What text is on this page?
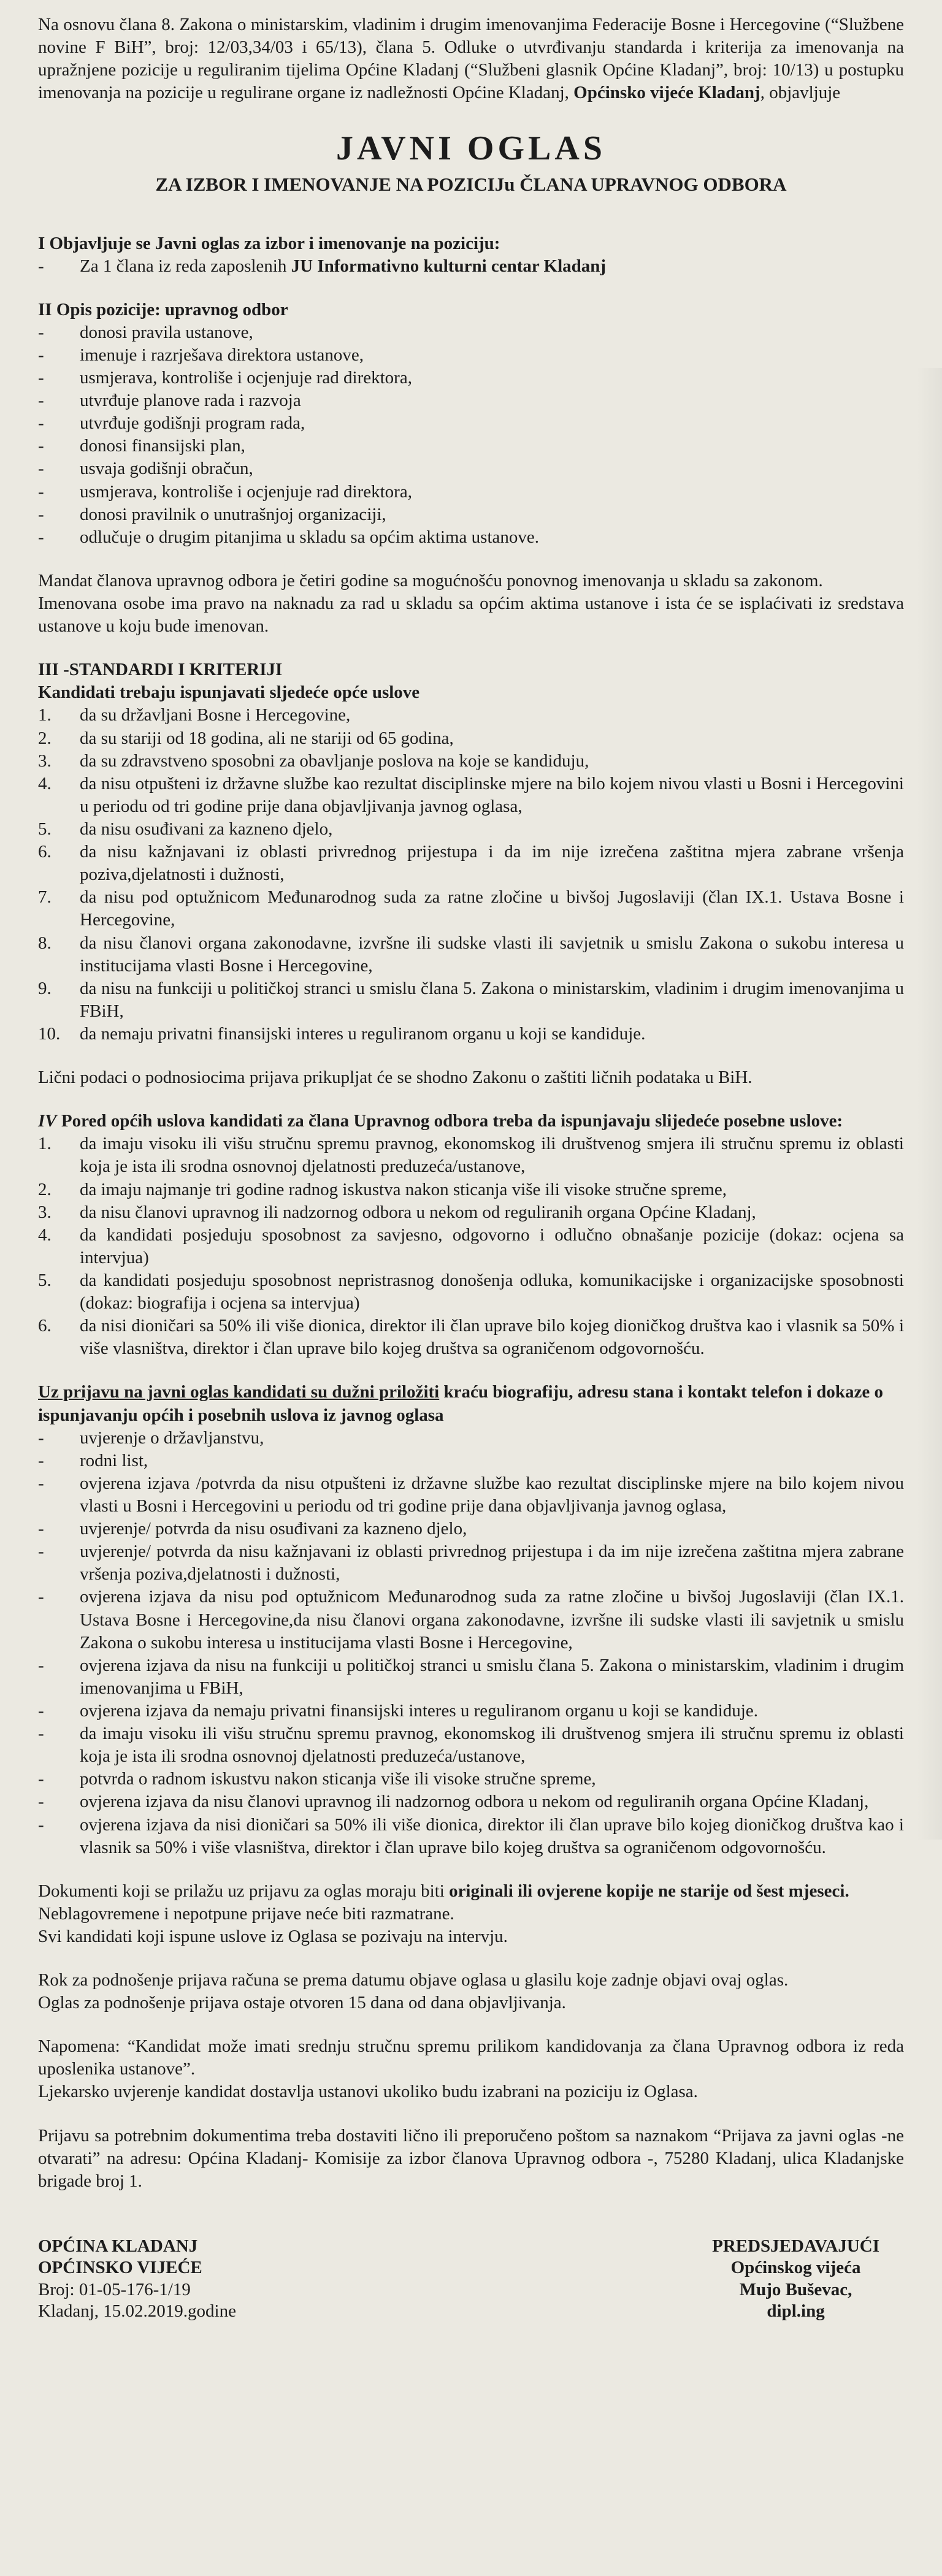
Na osnovu člana 8. Zakona o ministarskim, vladinim i drugim imenovanjima Federacije Bosne i Hercegovine (“Službene novine F BiH”, broj: 12/03,34/03 i 65/13), člana 5. Odluke o utvrđivanju standarda i kriterija za imenovanja na upražnjene pozicije u reguliranim tijelima Općine Kladanj (“Službeni glasnik Općine Kladanj”, broj: 10/13) u postupku imenovanja na pozicije u regulirane organe iz nadležnosti Općine Kladanj, Općinsko vijeće Kladanj, objavljuje

JAVNI OGLAS
ZA IZBOR I IMENOVANJE NA POZICIJu ČLANA UPRAVNOG ODBORA

I Objavljuje se Javni oglas za izbor i imenovanje na poziciju:

- Za 1 člana iz reda zaposlenih JU Informativno kulturni centar Kladanj

II Opis pozicije: upravnog odbor

- donosi pravila ustanove,
- imenuje i razrješava direktora ustanove,
- usmjerava, kontroliše i ocjenjuje rad direktora,
- utvrđuje planove rada i razvoja
- utvrđuje godišnji program rada,
- donosi finansijski plan,
- usvaja godišnji obračun,
- usmjerava, kontroliše i ocjenjuje rad direktora,
- donosi pravilnik o unutrašnjoj organizaciji,
- odlučuje o drugim pitanjima u skladu sa općim aktima ustanove.

Mandat članova upravnog odbora je četiri godine sa mogućnošću ponovnog imenovanja u skladu sa zakonom.

Imenovana osobe ima pravo na naknadu za rad u skladu sa općim aktima ustanove i ista će se isplaćivati iz sredstava ustanove u koju bude imenovan.

III -STANDARDI I KRITERIJI

Kandidati trebaju ispunjavati sljedeće opće uslove

1. da su državljani Bosne i Hercegovine,
2. da su stariji od 18 godina, ali ne stariji od 65 godina,
3. da su zdravstveno sposobni za obavljanje poslova na koje se kandiduju,
4. da nisu otpušteni iz državne službe kao rezultat disciplinske mjere na bilo kojem nivou vlasti u Bosni i Hercegovini u periodu od tri godine prije dana objavljivanja javnog oglasa,
5. da nisu osuđivani za kazneno djelo,
6. da nisu kažnjavani iz oblasti privrednog prijestupa i da im nije izrečena zaštitna mjera zabrane vršenja poziva,djelatnosti i dužnosti,
7. da nisu pod optužnicom Međunarodnog suda za ratne zločine u bivšoj Jugoslaviji (član IX.1. Ustava Bosne i Hercegovine,
8. da nisu članovi organa zakonodavne, izvršne ili sudske vlasti ili savjetnik u smislu Zakona o sukobu interesa u institucijama vlasti Bosne i Hercegovine,
9. da nisu na funkciji u političkoj stranci u smislu člana 5. Zakona o ministarskim, vladinim i drugim imenovanjima u FBiH,
10. da nemaju privatni finansijski interes u reguliranom organu u koji se kandiduje.

Lični podaci o podnosiocima prijava prikupljat će se shodno Zakonu o zaštiti ličnih podataka u BiH.

IV Pored općih uslova kandidati za člana Upravnog odbora treba da ispunjavaju slijedeće posebne uslove:

1. da imaju visoku ili višu stručnu spremu pravnog, ekonomskog ili društvenog smjera ili stručnu spremu iz oblasti koja je ista ili srodna osnovnoj djelatnosti preduzeća/ustanove,
2. da imaju najmanje tri godine radnog iskustva nakon sticanja više ili visoke stručne spreme,
3. da nisu članovi upravnog ili nadzornog odbora u nekom od reguliranih organa Općine Kladanj,
4. da kandidati posjeduju sposobnost za savjesno, odgovorno i odlučno obnašanje pozicije (dokaz: ocjena sa intervjua)
5. da kandidati posjeduju sposobnost nepristrasnog donošenja odluka, komunikacijske i organizacijske sposobnosti (dokaz: biografija i ocjena sa intervjua)
6. da nisi dioničari sa 50% ili više dionica, direktor ili član uprave bilo kojeg dioničkog društva kao i vlasnik sa 50% i više vlasništva, direktor i član uprave bilo kojeg društva sa ograničenom odgovornošću.

Uz prijavu na javni oglas kandidati su dužni priložiti kraću biografiju, adresu stana i kontakt telefon i dokaze o ispunjavanju općih i posebnih uslova iz javnog oglasa

- uvjerenje o državljanstvu,
- rodni list,
- ovjerena izjava /potvrda da nisu otpušteni iz državne službe kao rezultat disciplinske mjere na bilo kojem nivou vlasti u Bosni i Hercegovini u periodu od tri godine prije dana objavljivanja javnog oglasa,
- uvjerenje/ potvrda da nisu osuđivani za kazneno djelo,
- uvjerenje/ potvrda da nisu kažnjavani iz oblasti privrednog prijestupa i da im nije izrečena zaštitna mjera zabrane vršenja poziva,djelatnosti i dužnosti,
- ovjerena izjava da nisu pod optužnicom Međunarodnog suda za ratne zločine u bivšoj Jugoslaviji (član IX.1. Ustava Bosne i Hercegovine,da nisu članovi organa zakonodavne, izvršne ili sudske vlasti ili savjetnik u smislu Zakona o sukobu interesa u institucijama vlasti Bosne i Hercegovine,
- ovjerena izjava da nisu na funkciji u političkoj stranci u smislu člana 5. Zakona o ministarskim, vladinim i drugim imenovanjima u FBiH,
- ovjerena izjava da nemaju privatni finansijski interes u reguliranom organu u koji se kandiduje.
- da imaju visoku ili višu stručnu spremu pravnog, ekonomskog ili društvenog smjera ili stručnu spremu iz oblasti koja je ista ili srodna osnovnoj djelatnosti preduzeća/ustanove,
- potvrda o radnom iskustvu nakon sticanja više ili visoke stručne spreme,
- ovjerena izjava da nisu članovi upravnog ili nadzornog odbora u nekom od reguliranih organa Općine Kladanj,
- ovjerena izjava da nisi dioničari sa 50% ili više dionica, direktor ili član uprave bilo kojeg dioničkog društva kao i vlasnik sa 50% i više vlasništva, direktor i član uprave bilo kojeg društva sa ograničenom odgovornošću.

Dokumenti koji se prilažu uz prijavu za oglas moraju biti originali ili ovjerene kopije ne starije od šest mjeseci.

Neblagovremene i nepotpune prijave neće biti razmatrane.

Svi kandidati koji ispune uslove iz Oglasa se pozivaju na intervju.

Rok za podnošenje prijava računa se prema datumu objave oglasa u glasilu koje zadnje objavi ovaj oglas.

Oglas za podnošenje prijava ostaje otvoren 15 dana od dana objavljivanja.

Napomena: “Kandidat može imati srednju stručnu spremu prilikom kandidovanja za člana Upravnog odbora iz reda uposlenika ustanove”.

Ljekarsko uvjerenje kandidat dostavlja ustanovi ukoliko budu izabrani na poziciju iz Oglasa.

Prijavu sa potrebnim dokumentima treba dostaviti lično ili preporučeno poštom sa naznakom “Prijava za javni oglas -ne otvarati” na adresu: Općina Kladanj- Komisije za izbor članova Upravnog odbora -, 75280 Kladanj, ulica Kladanjske brigade broj 1.

OPĆINA KLADANJ

OPĆINSKO VIJEĆE

Broj: 01-05-176-1/19

Kladanj, 15.02.2019.godine

PREDSJEDAVAJUĆI

Općinskog vijeća

Mujo Buševac,

dipl.ing
